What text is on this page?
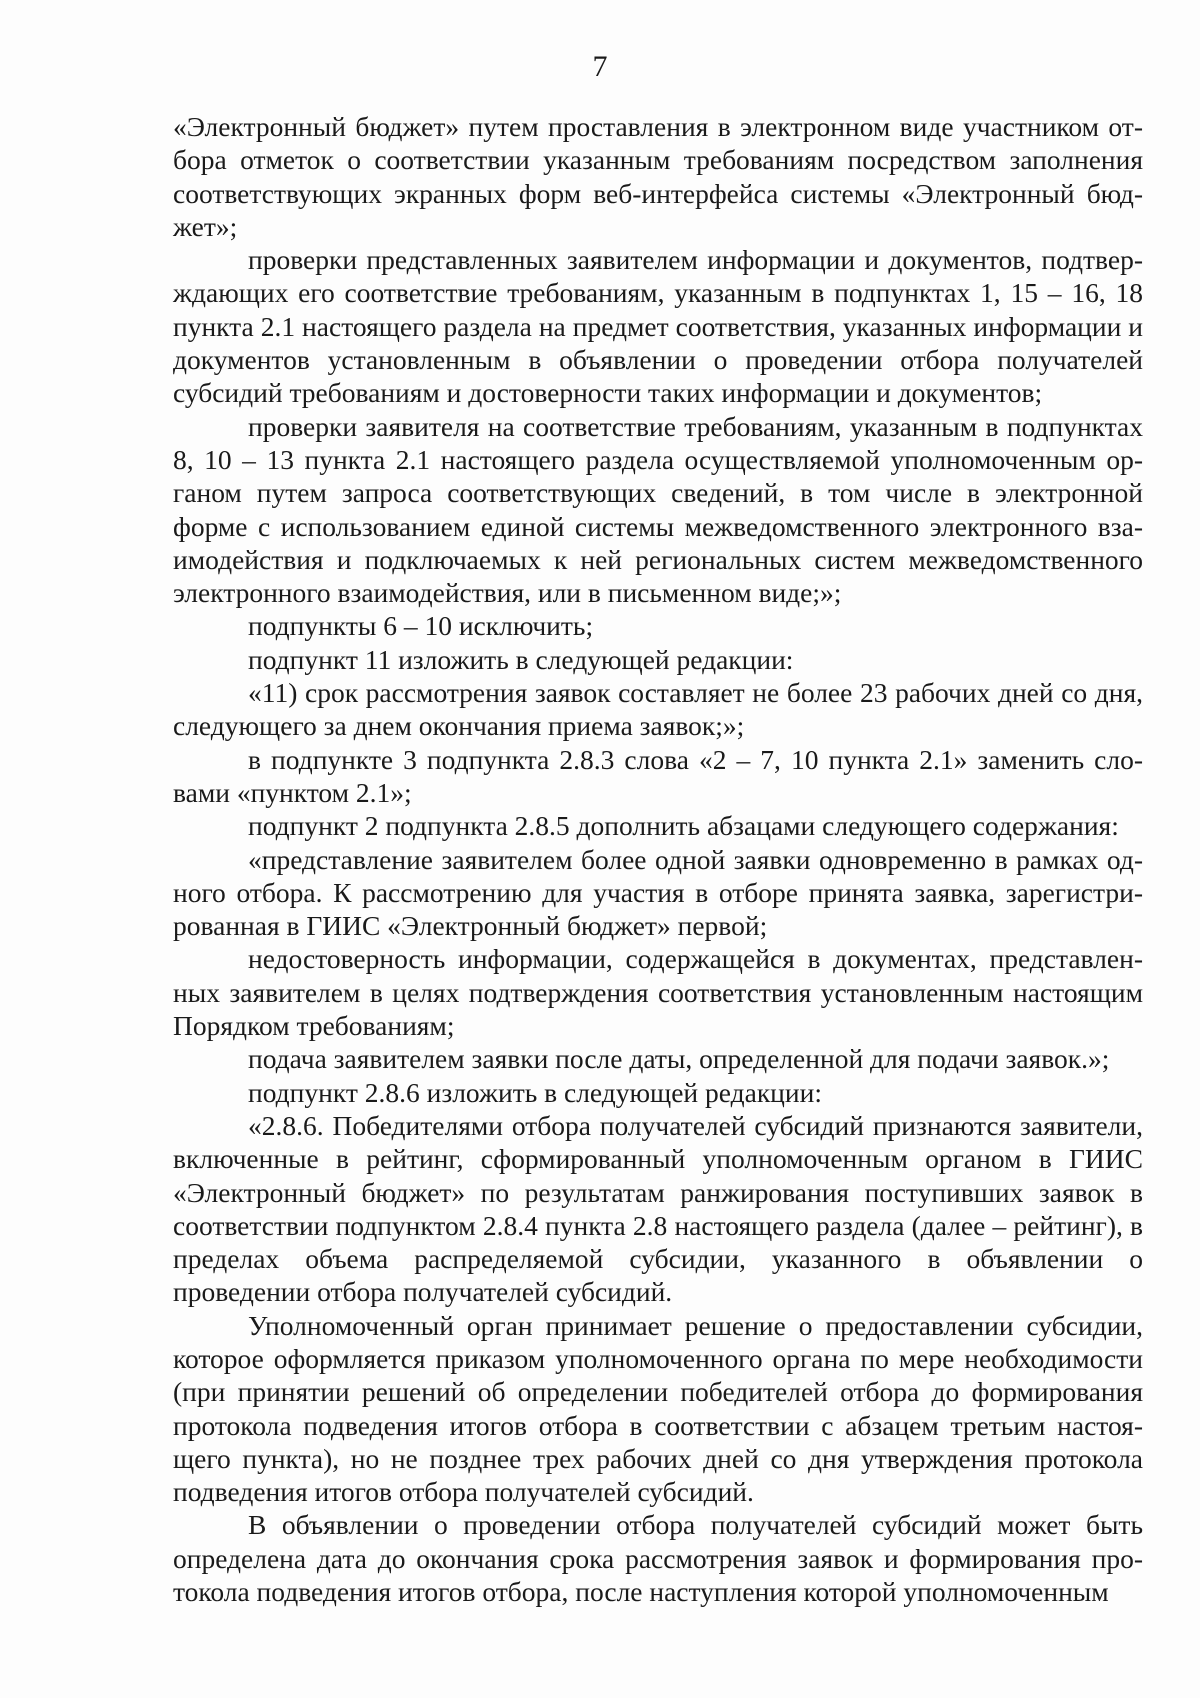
7

«Электронный бюджет» путем проставления в электронном виде участником отбора отметок о соответствии указанным требованиям посредством заполнения соответствующих экранных форм веб-интерфейса системы «Электронный бюджет»;

проверки представленных заявителем информации и документов, подтверждающих его соответствие требованиям, указанным в подпунктах 1, 15 – 16, 18 пункта 2.1 настоящего раздела на предмет соответствия, указанных информации и документов установленным в объявлении о проведении отбора получателей субсидий требованиям и достоверности таких информации и документов;

проверки заявителя на соответствие требованиям, указанным в подпунктах 8, 10 – 13 пункта 2.1 настоящего раздела осуществляемой уполномоченным органом путем запроса соответствующих сведений, в том числе в электронной форме с использованием единой системы межведомственного электронного взаимодействия и подключаемых к ней региональных систем межведомственного электронного взаимодействия, или в письменном виде;»;

подпункты 6 – 10 исключить;

подпункт 11 изложить в следующей редакции:

«11) срок рассмотрения заявок составляет не более 23 рабочих дней со дня, следующего за днем окончания приема заявок;»;

в подпункте 3 подпункта 2.8.3 слова «2 – 7, 10 пункта 2.1» заменить словами «пунктом 2.1»;

подпункт 2 подпункта 2.8.5 дополнить абзацами следующего содержания:

«представление заявителем более одной заявки одновременно в рамках одного отбора. К рассмотрению для участия в отборе принята заявка, зарегистрированная в ГИИС «Электронный бюджет» первой;

недостоверность информации, содержащейся в документах, представленных заявителем в целях подтверждения соответствия установленным настоящим Порядком требованиям;

подача заявителем заявки после даты, определенной для подачи заявок.»;

подпункт 2.8.6 изложить в следующей редакции:

«2.8.6. Победителями отбора получателей субсидий признаются заявители, включенные в рейтинг, сформированный уполномоченным органом в ГИИС «Электронный бюджет» по результатам ранжирования поступивших заявок в соответствии подпунктом 2.8.4 пункта 2.8 настоящего раздела (далее – рейтинг), в пределах объема распределяемой субсидии, указанного в объявлении о проведении отбора получателей субсидий.

Уполномоченный орган принимает решение о предоставлении субсидии, которое оформляется приказом уполномоченного органа по мере необходимости (при принятии решений об определении победителей отбора до формирования протокола подведения итогов отбора в соответствии с абзацем третьим настоящего пункта), но не позднее трех рабочих дней со дня утверждения протокола подведения итогов отбора получателей субсидий.

В объявлении о проведении отбора получателей субсидий может быть определена дата до окончания срока рассмотрения заявок и формирования протокола подведения итогов отбора, после наступления которой уполномоченным
